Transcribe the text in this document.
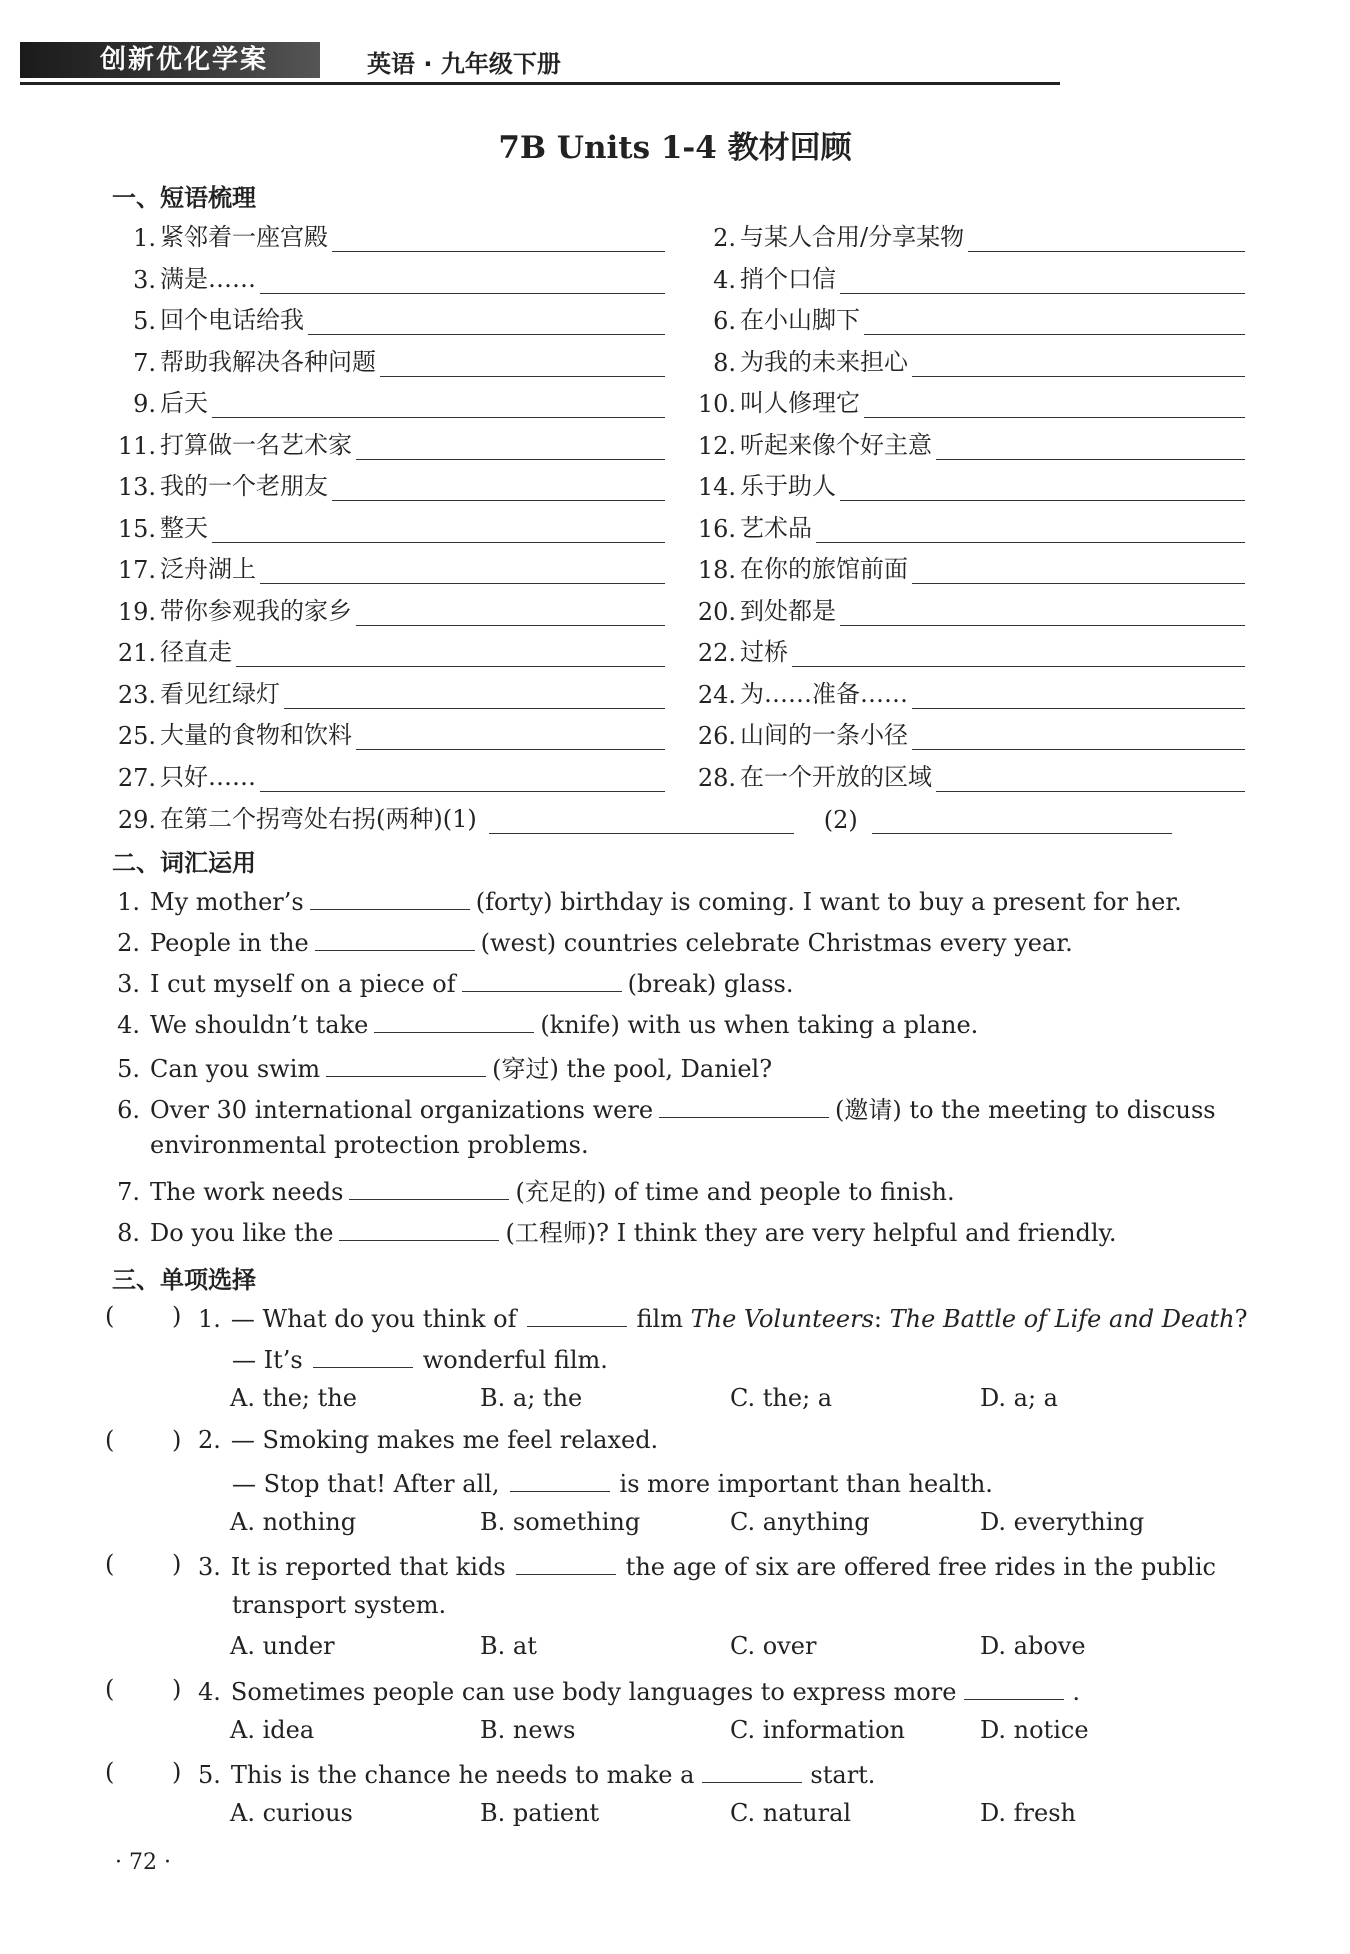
创新优化学案	英语 · 九年级下册
7B Units 1-4 教材回顾
一、短语梳理
1. 紧邻着一座宫殿	2. 与某人合用/分享某物
3. 满是……	4. 捎个口信
5. 回个电话给我	6. 在小山脚下
7. 帮助我解决各种问题	8. 为我的未来担心
9. 后天	10. 叫人修理它
11. 打算做一名艺术家	12. 听起来像个好主意
13. 我的一个老朋友	14. 乐于助人
15. 整天	16. 艺术品
17. 泛舟湖上	18. 在你的旅馆前面
19. 带你参观我的家乡	20. 到处都是
21. 径直走	22. 过桥
23. 看见红绿灯	24. 为……准备……
25. 大量的食物和饮料	26. 山间的一条小径
27. 只好……	28. 在一个开放的区域
29. 在第二个拐弯处右拐(两种)(1)	(2)
二、词汇运用
1. My mother’s	(forty) birthday is coming. I want to buy a present for her.
2. People in the	(west) countries celebrate Christmas every year.
3. I cut myself on a piece of	(break) glass.
4. We shouldn’t take	(knife) with us when taking a plane.
5. Can you swim	(穿过) the pool, Daniel?
6. Over 30 international organizations were	(邀请) to the meeting to discuss
environmental protection problems.
7. The work needs	(充足的) of time and people to finish.
8. Do you like the	(工程师)? I think they are very helpful and friendly.
三、单项选择
( )
— It’s	wonderful film.
1. — What do you think of	film The Volunteers: The Battle of Life and Death?
A. the; the	B. a; the	C. the; a	D. a; a
( )
— Stop that! After all,	is more important than health.
2. — Smoking makes me feel relaxed.
A. nothing	B. something	C. anything	D. everything
( )
transport system.
3. It is reported that kids	the age of six are offered free rides in the public
A. under	B. at	C. over	D. above
( ) 4. Sometimes people can use body languages to express more	.
A. idea	B. news	C. information	D. notice
( ) 5. This is the chance he needs to make a	start.
A. curious	B. patient	C. natural	D. fresh
· 72 ·
